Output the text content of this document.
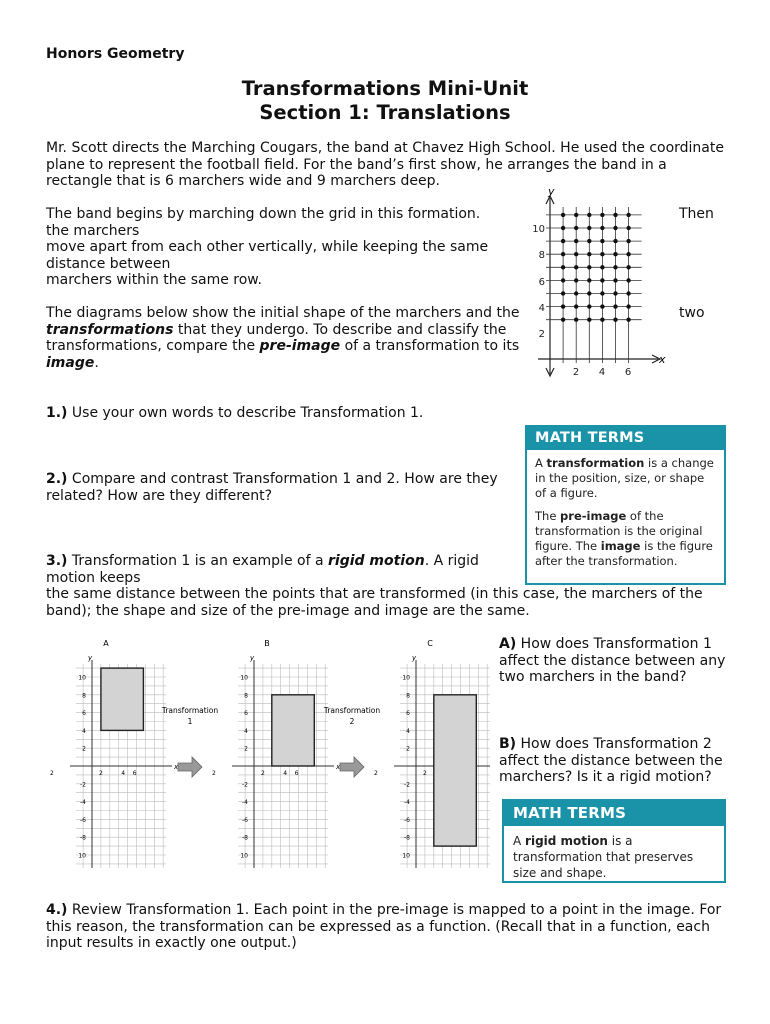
Honors Geometry
Transformations Mini-Unit
Section 1: Translations

Mr. Scott directs the Marching Cougars, the band at Chavez High School. He used the coordinate plane to represent the football field. For the band’s first show, he arranges the band in a rectangle that is 6 marchers wide and 9 marchers deep.

The band begins by marching down the grid in this formation.

the marchers

move apart from each other vertically, while keeping the same distance between

marchers within the same row.

Then

The diagrams below show the initial shape of the marchers and the transformations that they undergo. To describe and classify the transformations, compare the pre-image of a transformation to its image.

two
y
x
10
8
6
4
2
2 4 6

1.) Use your own words to describe Transformation 1.

2.) Compare and contrast Transformation 1 and 2. How are they related? How are they different?

3.) Transformation 1 is an example of a rigid motion. A rigid motion keeps

the same distance between the points that are transformed (in this case, the marchers of the band); the shape and size of the pre-image and image are the same.

MATH TERMS

A transformation is a change in the position, size, or shape of a figure.

The pre-image of the transformation is the original figure. The image is the figure after the transformation.

y
x
10
8
6
4
2
-2
-4
-6
-8
10
2	2	4 6
y
x
10
8
6
4
2
-2
-4
-6
-8
10
2	2	4 6
y
10
8
6
4
2
-2
-4
-6
-8
10
2	2
A	B	C
Transformation
1
Transformation
2

A) How does Transformation 1 affect the distance between any two marchers in the band?

B) How does Transformation 2 affect the distance between the marchers? Is it a rigid motion?

MATH TERMS

A rigid motion is a transformation that preserves size and shape.

4.) Review Transformation 1. Each point in the pre-image is mapped to a point in the image. For this reason, the transformation can be expressed as a function. (Recall that in a function, each input results in exactly one output.)
